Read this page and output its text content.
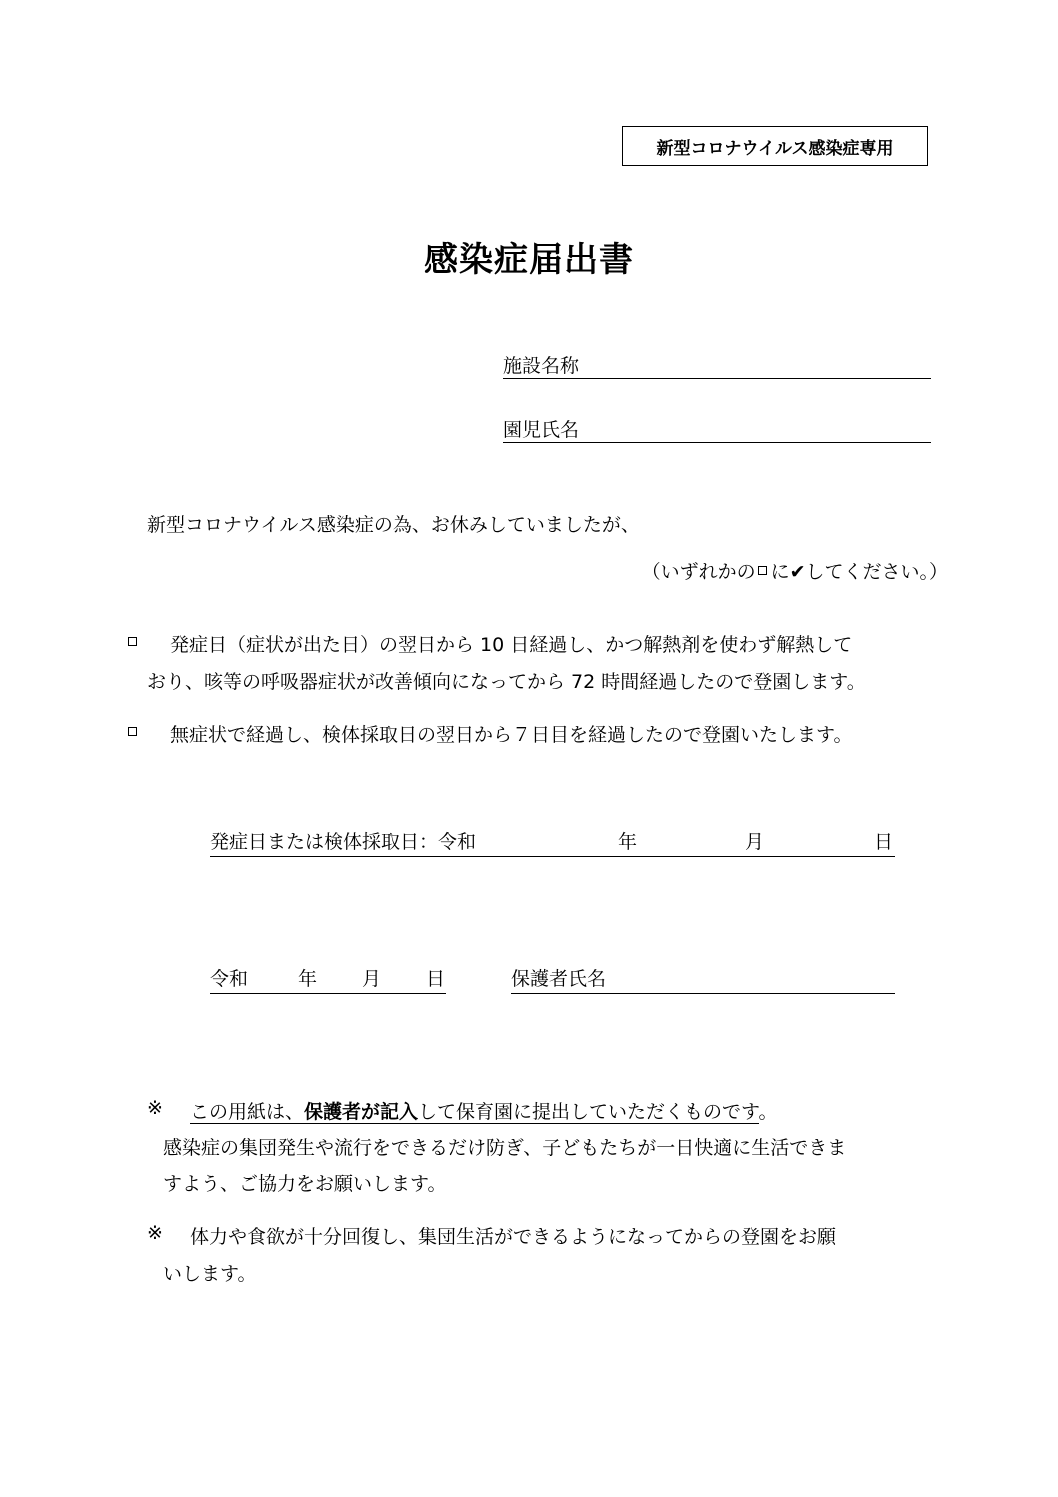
新型コロナウイルス感染症専用
感染症届出書
施設名称
園児氏名
新型コロナウイルス感染症の為、お休みしていましたが、
（いずれかの に✔してください。）
発症日（症状が出た日）の翌日から 10 日経過し、かつ解熱剤を使わず解熱して
おり、咳等の呼吸器症状が改善傾向になってから 72 時間経過したので登園します。
無症状で経過し、検体採取日の翌日から７日目を経過したので登園いたします。
発症日または検体採取日：令和	年	月	日
令和	年 月 日	保護者氏名
※ この用紙は、保護者が記入して保育園に提出していただくものです。
感染症の集団発生や流行をできるだけ防ぎ、子どもたちが一日快適に生活できま
すよう、ご協力をお願いします。
※ 体力や食欲が十分回復し、集団生活ができるようになってからの登園をお願
いします。
